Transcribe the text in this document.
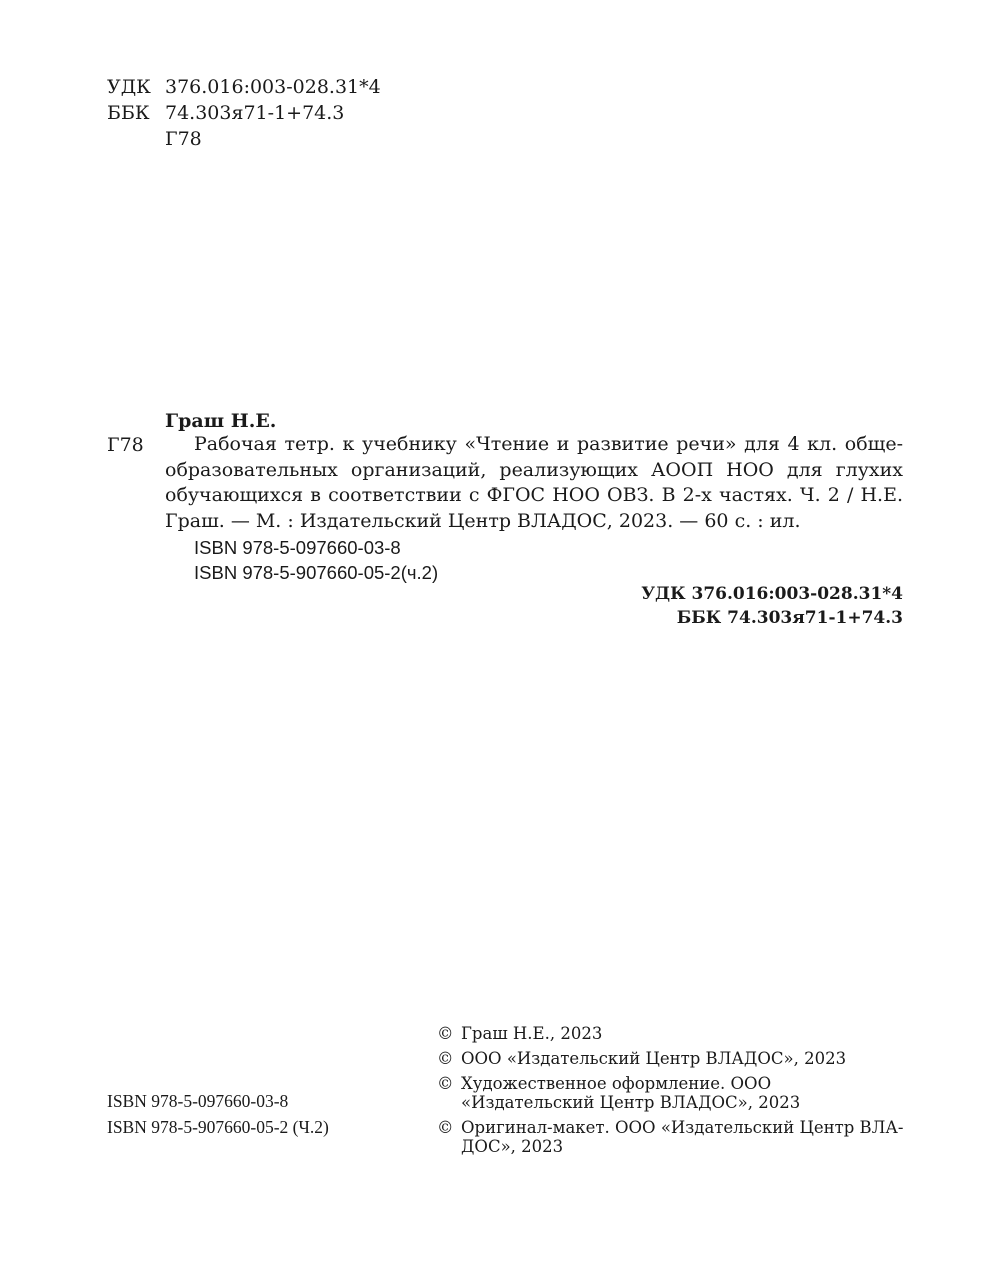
УДК 376.016:003-028.31*4
ББК 74.303я71-1+74.3
Г78
Граш Н.Е.
Г78	Рабочая тетр. к учебнику «Чтение и развитие речи» для 4 кл. обще-образовательных организаций, реализующих АООП НОО для глухих обучающихся в соответствии с ФГОС НОО ОВЗ. В 2-х частях. Ч. 2 / Н.Е. Граш. — М. : Издательский Центр ВЛАДОС, 2023. — 60 с. : ил.
ISBN 978-5-097660-03-8
ISBN 978-5-907660-05-2(ч.2)
УДК 376.016:003-028.31*4
ББК 74.303я71-1+74.3
ISBN 978-5-097660-03-8
ISBN 978-5-907660-05-2 (Ч.2)
© Граш Н.Е., 2023
© ООО «Издательский Центр ВЛАДОС», 2023
© Художественное оформление. ООО «Издательский Центр ВЛАДОС», 2023
© Оригинал-макет. ООО «Издательский Центр ВЛА-ДОС», 2023
